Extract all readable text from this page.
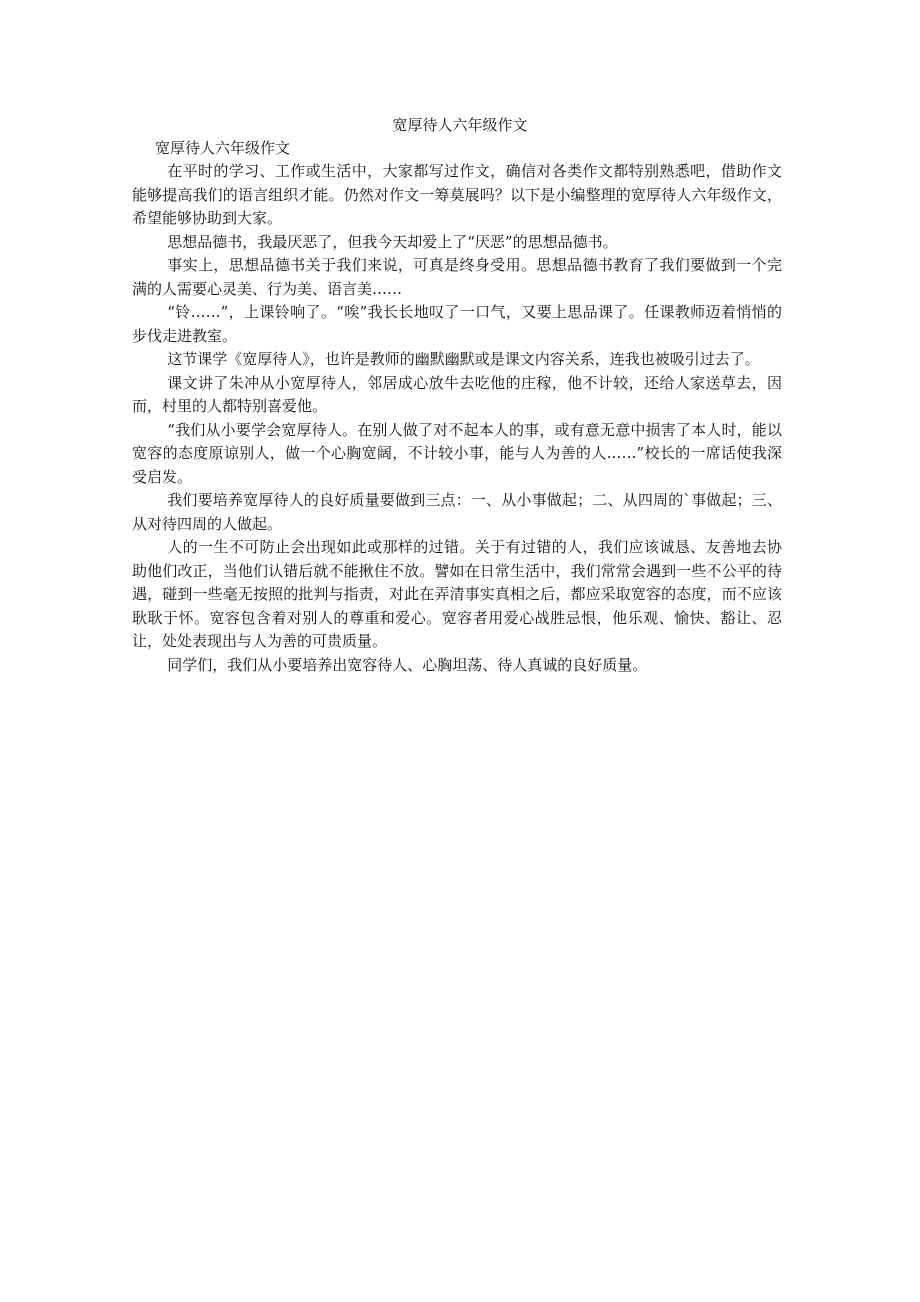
宽厚待人六年级作文
宽厚待人六年级作文

在平时的学习、工作或生活中，大家都写过作文，确信对各类作文都特别熟悉吧，借助作文能够提高我们的语言组织才能。仍然对作文一筹莫展吗？以下是小编整理的宽厚待人六年级作文，希望能够协助到大家。

思想品德书，我最厌恶了，但我今天却爱上了“厌恶”的思想品德书。

事实上，思想品德书关于我们来说，可真是终身受用。思想品德书教育了我们要做到一个完满的人需要心灵美、行为美、语言美……

“铃……”，上课铃响了。“唉”我长长地叹了一口气，又要上思品课了。任课教师迈着悄悄的步伐走进教室。

这节课学《宽厚待人》，也许是教师的幽默幽默或是课文内容关系，连我也被吸引过去了。

课文讲了朱冲从小宽厚待人，邻居成心放牛去吃他的庄稼，他不计较，还给人家送草去，因而，村里的人都特别喜爱他。

“我们从小要学会宽厚待人。在别人做了对不起本人的事，或有意无意中损害了本人时，能以宽容的态度原谅别人，做一个心胸宽阔，不计较小事，能与人为善的人……”校长的一席话使我深受启发。

我们要培养宽厚待人的良好质量要做到三点：一、从小事做起；二、从四周的`事做起；三、从对待四周的人做起。

人的一生不可防止会出现如此或那样的过错。关于有过错的人，我们应该诚恳、友善地去协助他们改正，当他们认错后就不能揪住不放。譬如在日常生活中，我们常常会遇到一些不公平的待遇，碰到一些毫无按照的批判与指责，对此在弄清事实真相之后，都应采取宽容的态度，而不应该耿耿于怀。宽容包含着对别人的尊重和爱心。宽容者用爱心战胜忌恨，他乐观、愉快、豁让、忍让，处处表现出与人为善的可贵质量。

同学们，我们从小要培养出宽容待人、心胸坦荡、待人真诚的良好质量。
